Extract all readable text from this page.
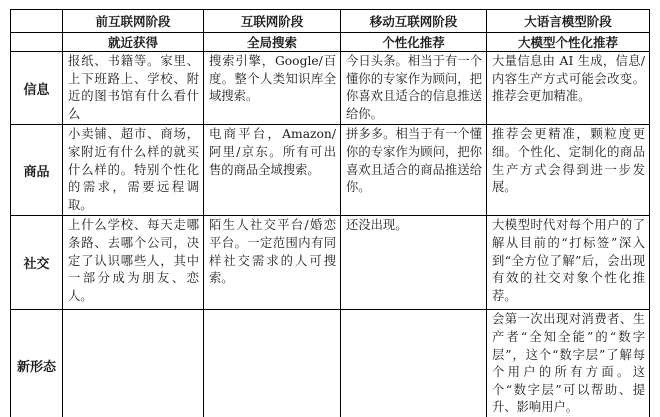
	前互联网阶段	互联网阶段	移动互联网阶段	大语言模型阶段
	就近获得	全局搜索	个性化推荐	大模型个性化推荐
信息	报纸、书籍等。家里、上下班路上、学校、附近的图书馆有什么看什么	搜索引擎，Google/百度。整个人类知识库全域搜索。	今日头条。相当于有一个懂你的专家作为顾问，把你喜欢且适合的信息推送给你。	大量信息由 AI 生成，信息/内容生产方式可能会改变。推荐会更加精准。
商品	小卖铺、超市、商场，家附近有什么样的就买什么样的。特别个性化的需求，需要远程调取。	电商平台，Amazon/阿里/京东。所有可出售的商品全域搜索。	拼多多。相当于有一个懂你的专家作为顾问，把你喜欢且适合的商品推送给你。	推荐会更精准，颗粒度更细。个性化、定制化的商品生产方式会得到进一步发展。
社交	上什么学校、每天走哪条路、去哪个公司，决定了认识哪些人，其中一部分成为朋友、恋人。	陌生人社交平台/婚恋平台。一定范围内有同样社交需求的人可搜索。	还没出现。	大模型时代对每个用户的了解从目前的“打标签”深入到“全方位了解”后，会出现有效的社交对象个性化推荐。
新形态				会第一次出现对消费者、生产者“全知全能”的“数字层”，这个“数字层”了解每个用户的所有方面。这个“数字层”可以帮助、提升、影响用户。
